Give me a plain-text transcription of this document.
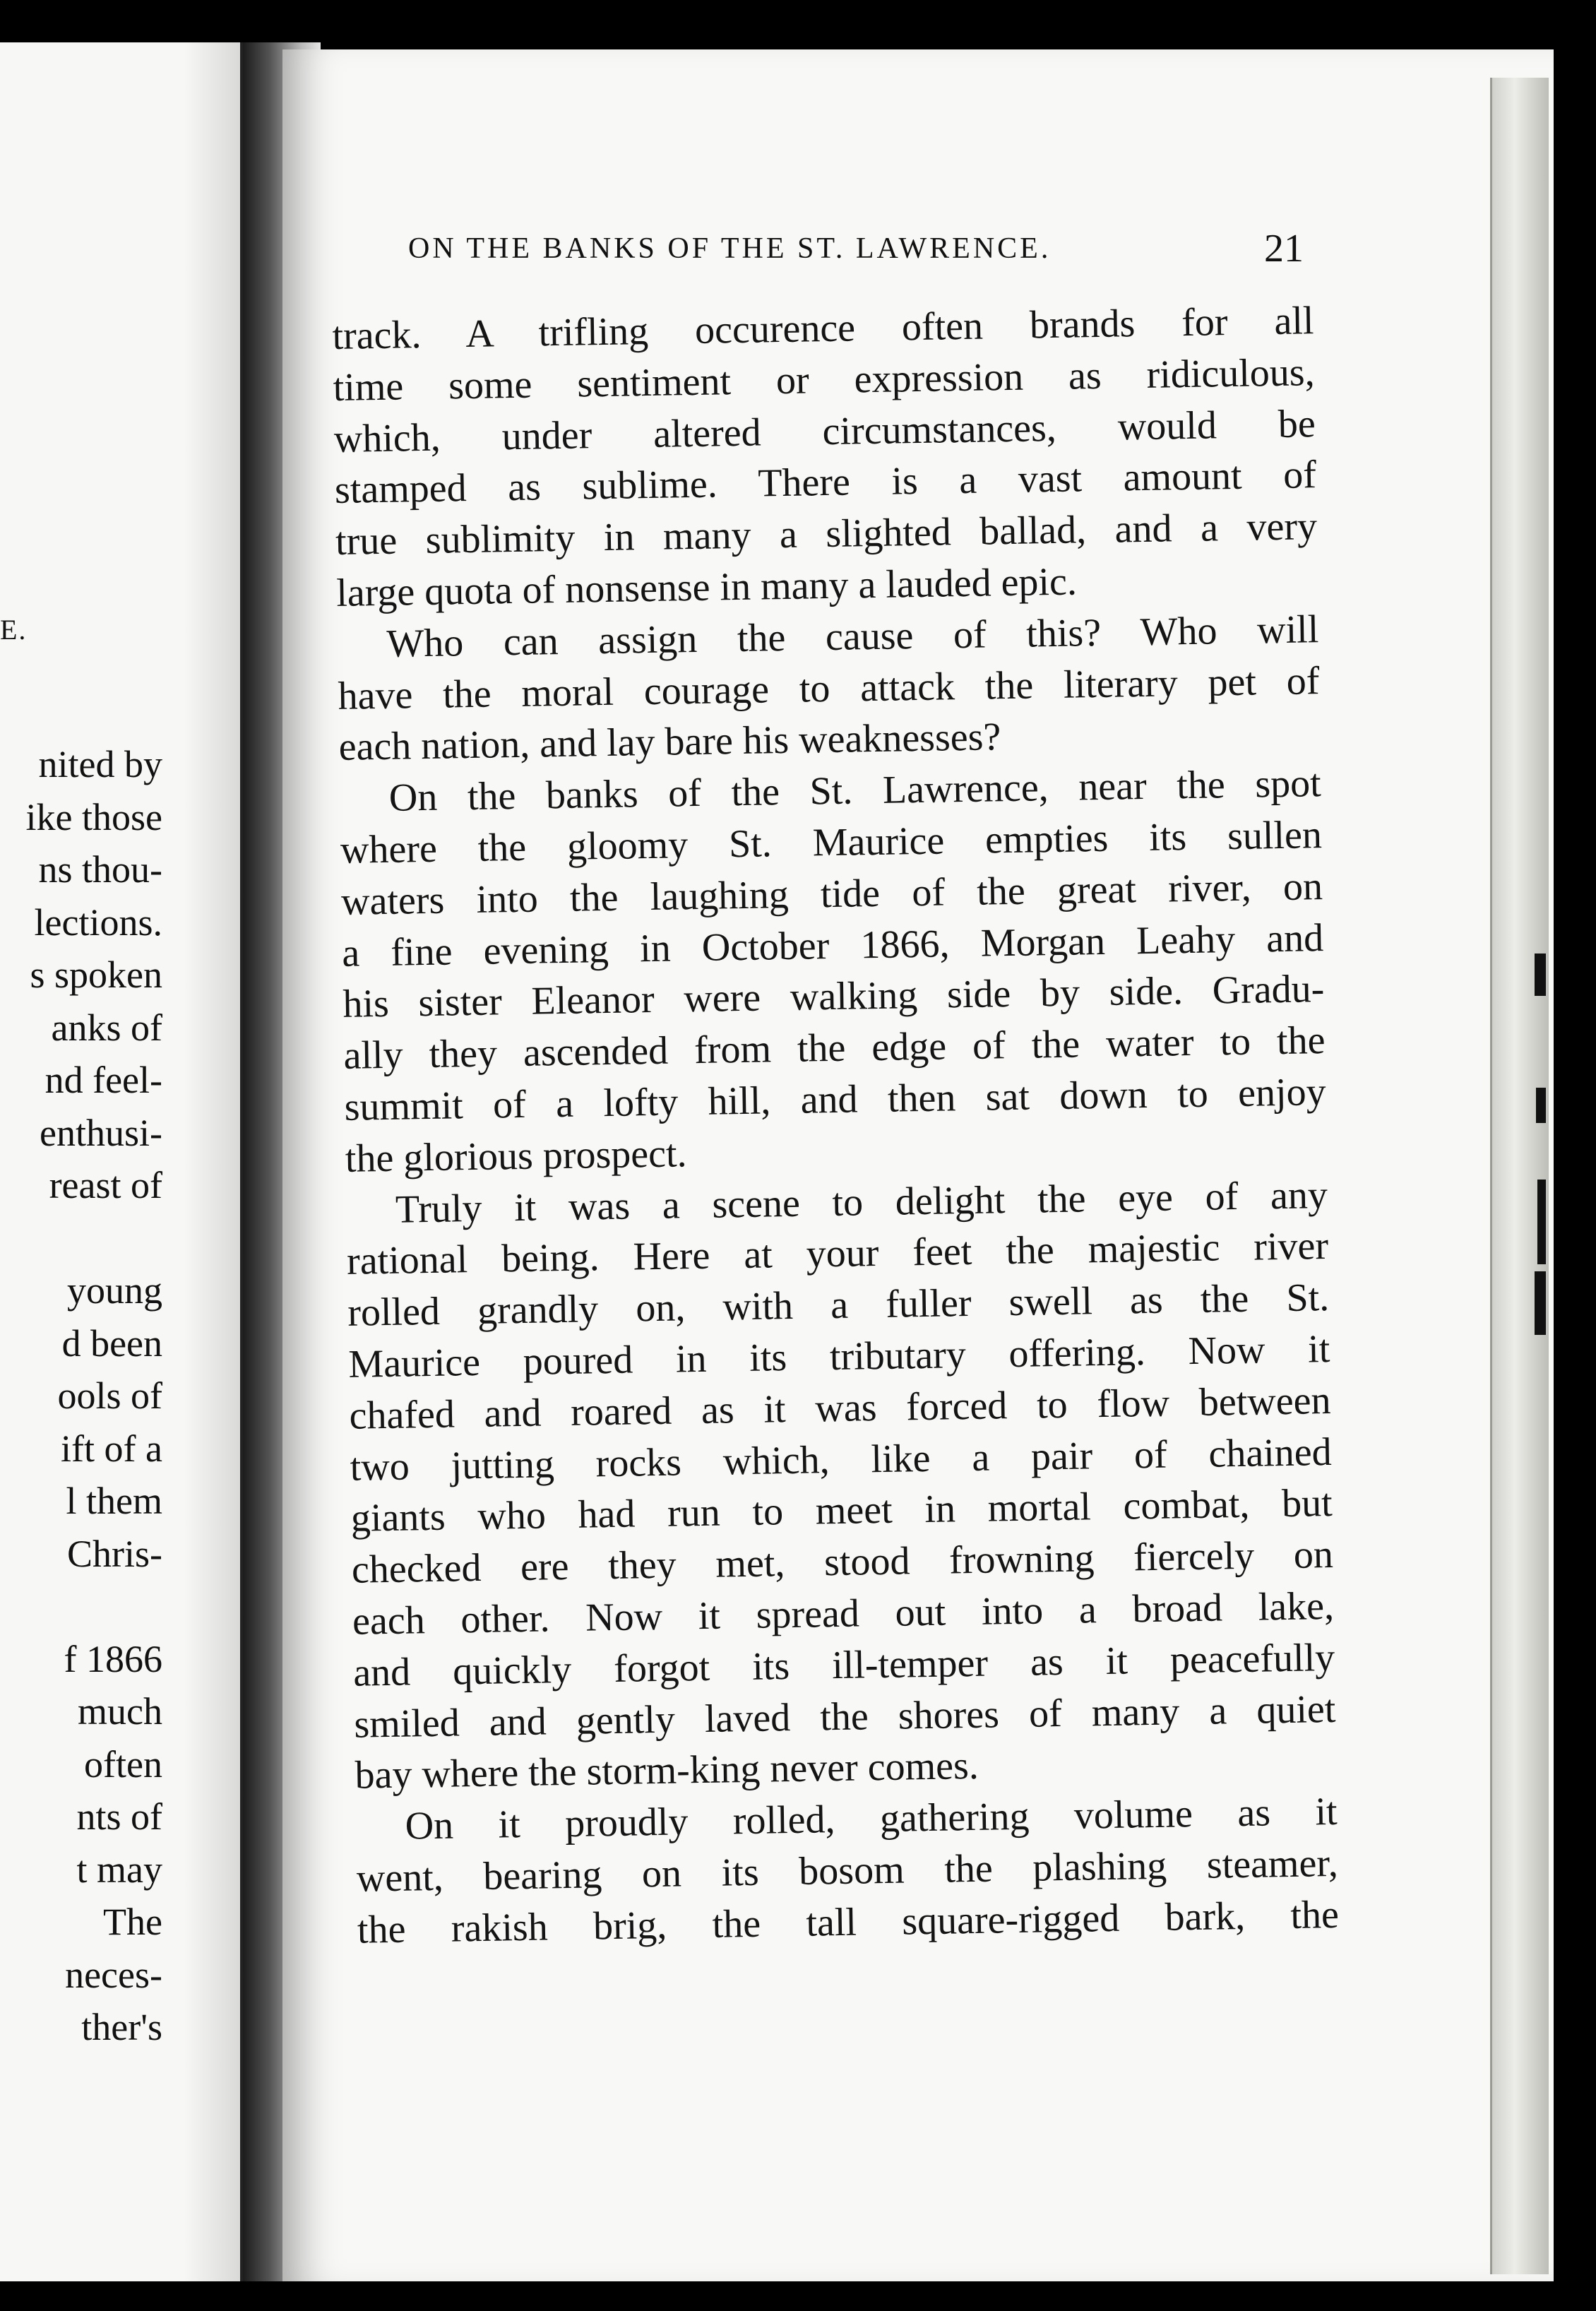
E.
nited by
ike those
ns thou-
lections.
s spoken
anks of
nd feel-
enthusi-
reast of
young
d been
ools of
ift of a
l them
Chris-
f 1866
much
often
nts of
t may
The
neces-
ther's
ON THE BANKS OF THE ST. LAWRENCE.	21
track. A trifling occurence often brands for all
time some sentiment or expression as ridiculous,
which, under altered circumstances, would be
stamped as sublime. There is a vast amount of
true sublimity in many a slighted ballad, and a very
large quota of nonsense in many a lauded epic.
Who can assign the cause of this? Who will
have the moral courage to attack the literary pet of
each nation, and lay bare his weaknesses?
On the banks of the St. Lawrence, near the spot
where the gloomy St. Maurice empties its sullen
waters into the laughing tide of the great river, on
a fine evening in October 1866, Morgan Leahy and
his sister Eleanor were walking side by side. Gradu-
ally they ascended from the edge of the water to the
summit of a lofty hill, and then sat down to enjoy
the glorious prospect.
Truly it was a scene to delight the eye of any
rational being. Here at your feet the majestic river
rolled grandly on, with a fuller swell as the St.
Maurice poured in its tributary offering. Now it
chafed and roared as it was forced to flow between
two jutting rocks which, like a pair of chained
giants who had run to meet in mortal combat, but
checked ere they met, stood frowning fiercely on
each other. Now it spread out into a broad lake,
and quickly forgot its ill-temper as it peacefully
smiled and gently laved the shores of many a quiet
bay where the storm-king never comes.
On it proudly rolled, gathering volume as it
went, bearing on its bosom the plashing steamer,
the rakish brig, the tall square-rigged bark, the
